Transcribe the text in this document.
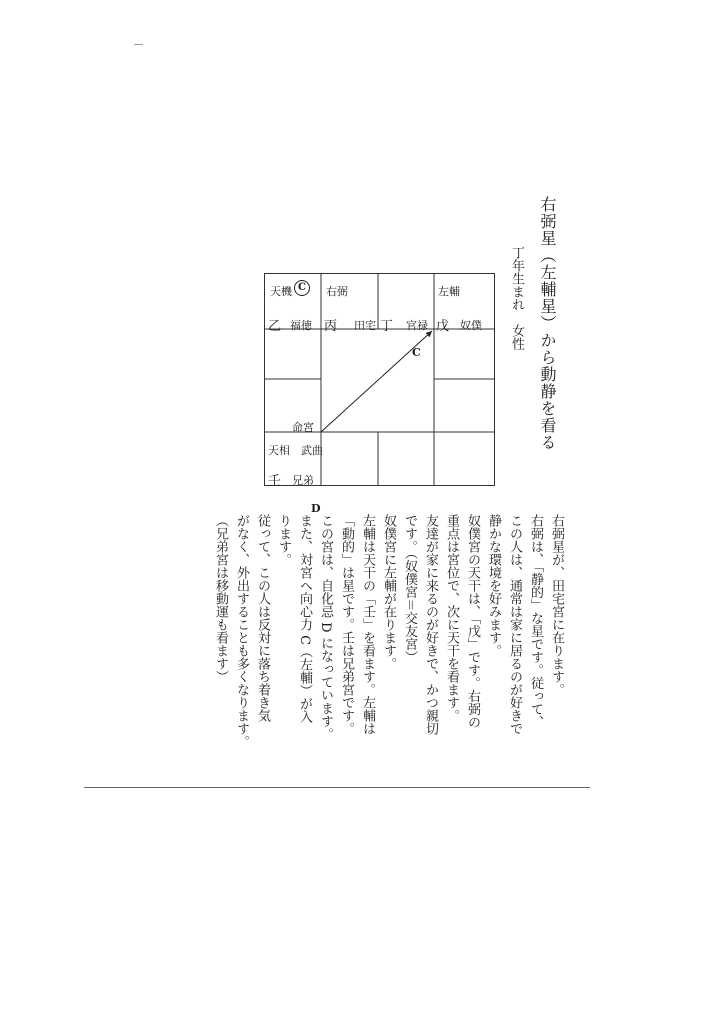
右弼星（左輔星）から動静を看る
丁年生まれ　女性
天機 C
乙 福徳
右弼
丙 田宅 丁 官禄
左輔
戊 奴僕
C
命宮
天相　武曲
壬 兄弟
D

右弼星が、田宅宮に在ります。

右弼は、「静的」な星です。従って、

この人は、通常は家に居るのが好きで

静かな環境を好みます。

奴僕宮の天干は、「戊」です。右弼の

重点は宮位で、次に天干を看ます。

友達が家に来るのが好きで、かつ親切

です。（奴僕宮＝交友宮）

奴僕宮に左輔が在ります。

左輔は天干の「壬」を看ます。左輔は

「動的」は星です。壬は兄弟宮です。

この宮は、自化忌 D になっています。

また、対宮へ向心力 C（左輔）が入

ります。

従って、この人は反対に落ち着き気

がなく、外出することも多くなります。

（兄弟宮は移動運も看ます）
